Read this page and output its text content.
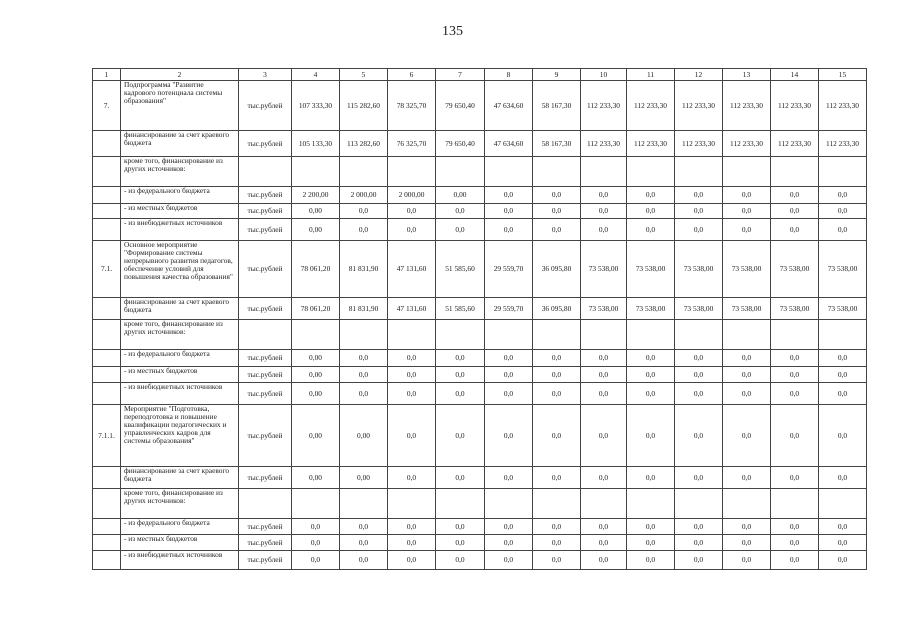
135
1	2	3	4	5	6	7	8	9	10	11	12	13	14	15
7.	Подпрограмма "Развитие кадрового потенциала системы образования"	тыс.рублей	107 333,30	115 282,60	78 325,70	79 650,40	47 634,60	58 167,30	112 233,30	112 233,30	112 233,30	112 233,30	112 233,30	112 233,30
	финансирование за счет краевого бюджета	тыс.рублей	105 133,30	113 282,60	76 325,70	79 650,40	47 634,60	58 167,30	112 233,30	112 233,30	112 233,30	112 233,30	112 233,30	112 233,30
	кроме того, финансирование из других источников:													
	- из федерального бюджета	тыс.рублей	2 200,00	2 000,00	2 000,00	0,00	0,0	0,0	0,0	0,0	0,0	0,0	0,0	0,0
	- из местных бюджетов	тыс.рублей	0,00	0,0	0,0	0,0	0,0	0,0	0,0	0,0	0,0	0,0	0,0	0,0
	- из внебюджетных источников	тыс.рублей	0,00	0,0	0,0	0,0	0,0	0,0	0,0	0,0	0,0	0,0	0,0	0,0
7.1.	Основное мероприятие "Формирование системы непрерывного развития педагогов, обеспечение условий для повышения качества образования"	тыс.рублей	78 061,20	81 831,90	47 131,60	51 585,60	29 559,70	36 095,80	73 538,00	73 538,00	73 538,00	73 538,00	73 538,00	73 538,00
	финансирование за счет краевого бюджета	тыс.рублей	78 061,20	81 831,90	47 131,60	51 585,60	29 559,70	36 095,80	73 538,00	73 538,00	73 538,00	73 538,00	73 538,00	73 538,00
	кроме того, финансирование из других источников:													
	- из федерального бюджета	тыс.рублей	0,00	0,0	0,0	0,0	0,0	0,0	0,0	0,0	0,0	0,0	0,0	0,0
	- из местных бюджетов	тыс.рублей	0,00	0,0	0,0	0,0	0,0	0,0	0,0	0,0	0,0	0,0	0,0	0,0
	- из внебюджетных источников	тыс.рублей	0,00	0,0	0,0	0,0	0,0	0,0	0,0	0,0	0,0	0,0	0,0	0,0
7.1.1.	Мероприятие "Подготовка, переподготовка и повышение квалификации педагогических и управленческих кадров для системы образования"	тыс.рублей	0,00	0,00	0,0	0,0	0,0	0,0	0,0	0,0	0,0	0,0	0,0	0,0
	финансирование за счет краевого бюджета	тыс.рублей	0,00	0,00	0,0	0,0	0,0	0,0	0,0	0,0	0,0	0,0	0,0	0,0
	кроме того, финансирование из других источников:													
	- из федерального бюджета	тыс.рублей	0,0	0,0	0,0	0,0	0,0	0,0	0,0	0,0	0,0	0,0	0,0	0,0
	- из местных бюджетов	тыс.рублей	0,0	0,0	0,0	0,0	0,0	0,0	0,0	0,0	0,0	0,0	0,0	0,0
	- из внебюджетных источников	тыс.рублей	0,0	0,0	0,0	0,0	0,0	0,0	0,0	0,0	0,0	0,0	0,0	0,0
